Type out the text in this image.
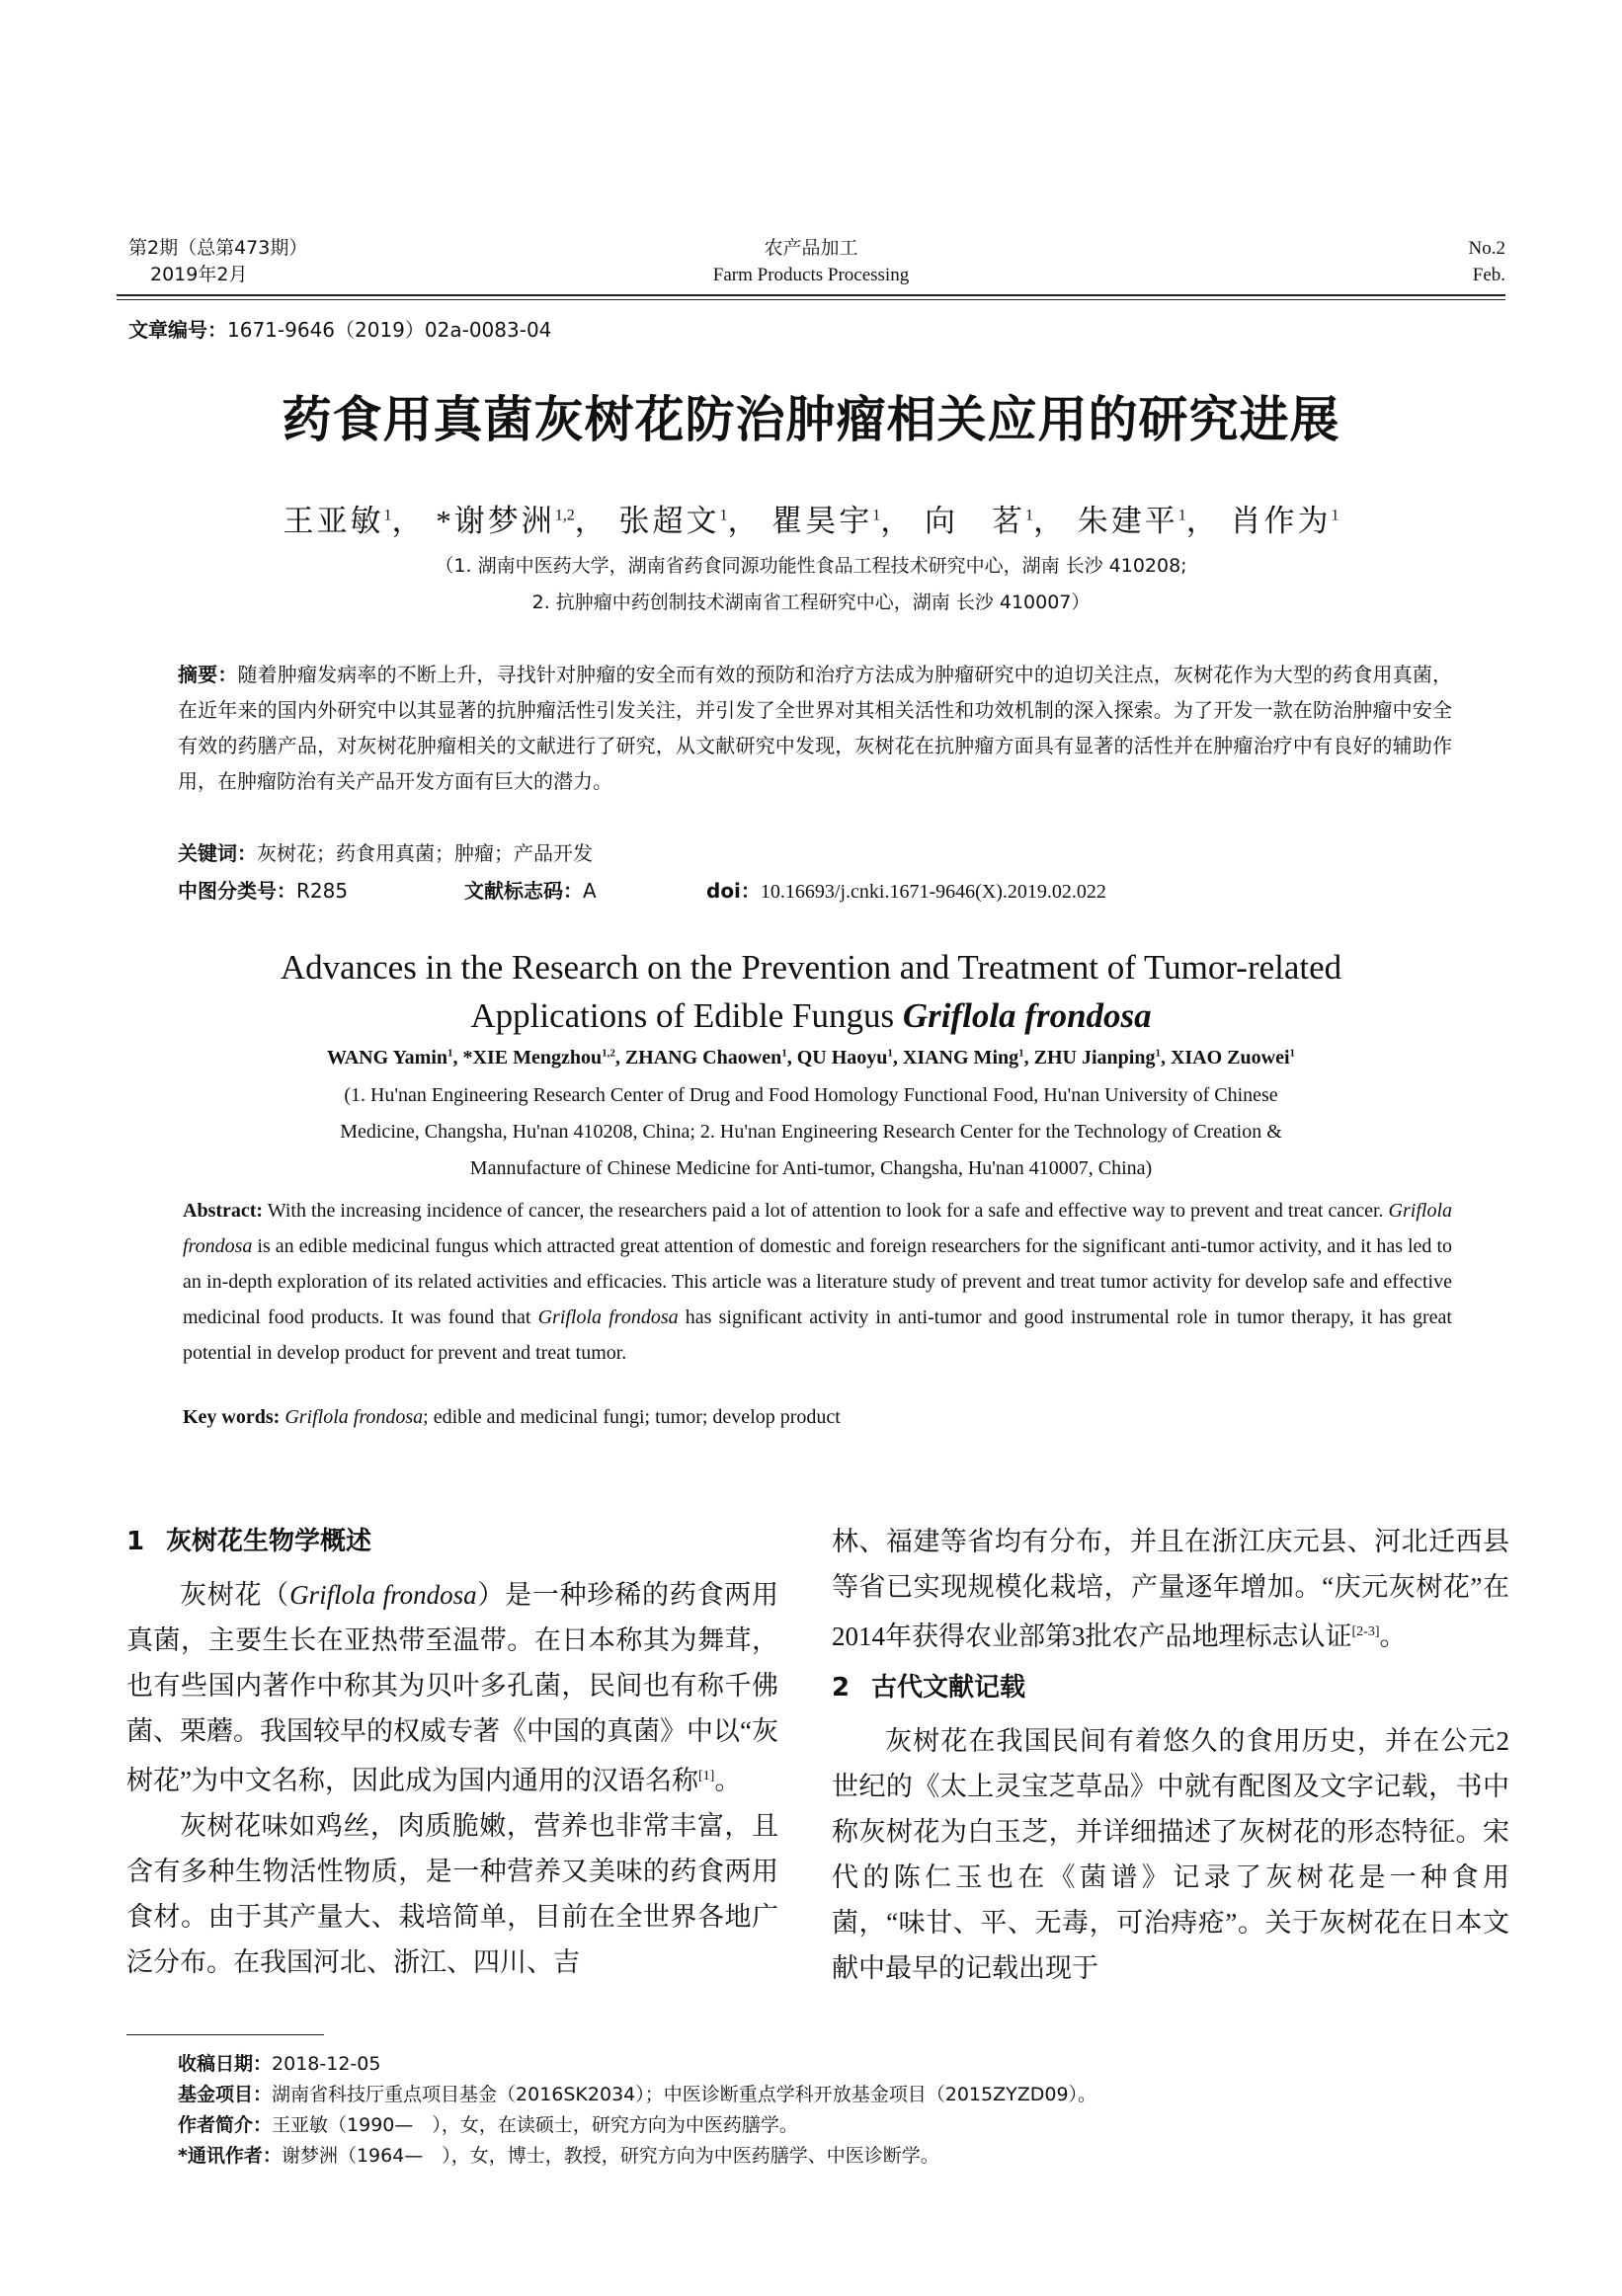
第2期（总第473期）
2019年2月
农产品加工
Farm Products Processing
No.2
Feb.
文章编号：1671-9646（2019）02a-0083-04
药食用真菌灰树花防治肿瘤相关应用的研究进展
王亚敏$^1$， *谢梦洲$^{1,2}$， 张超文$^1$， 瞿昊宇$^1$， 向　茗$^1$， 朱建平$^1$， 肖作为$^1$
（1. 湖南中医药大学，湖南省药食同源功能性食品工程技术研究中心，湖南 长沙 410208;
2. 抗肿瘤中药创制技术湖南省工程研究中心，湖南 长沙 410007）
摘要：随着肿瘤发病率的不断上升，寻找针对肿瘤的安全而有效的预防和治疗方法成为肿瘤研究中的迫切关注点，灰树花作为大型的药食用真菌，在近年来的国内外研究中以其显著的抗肿瘤活性引发关注，并引发了全世界对其相关活性和功效机制的深入探索。为了开发一款在防治肿瘤中安全有效的药膳产品，对灰树花肿瘤相关的文献进行了研究，从文献研究中发现，灰树花在抗肿瘤方面具有显著的活性并在肿瘤治疗中有良好的辅助作用，在肿瘤防治有关产品开发方面有巨大的潜力。
关键词：灰树花；药食用真菌；肿瘤；产品开发
中图分类号：R285	文献标志码：A	doi：10.16693/j.cnki.1671-9646(X).2019.02.022
Advances in the Research on the Prevention and Treatment of Tumor-related
Applications of Edible Fungus Griflola frondosa
WANG Yamin$^1$, *XIE Mengzhou$^{1,2}$, ZHANG Chaowen$^1$, QU Haoyu$^1$, XIANG Ming$^1$, ZHU Jianping$^1$, XIAO Zuowei$^1$
(1. Hu'nan Engineering Research Center of Drug and Food Homology Functional Food, Hu'nan University of Chinese
Medicine, Changsha, Hu'nan 410208, China; 2. Hu'nan Engineering Research Center for the Technology of Creation &
Mannufacture of Chinese Medicine for Anti-tumor, Changsha, Hu'nan 410007, China)
Abstract: With the increasing incidence of cancer, the researchers paid a lot of attention to look for a safe and effective way to prevent and treat cancer. Griflola frondosa is an edible medicinal fungus which attracted great attention of domestic and foreign researchers for the significant anti-tumor activity, and it has led to an in-depth exploration of its related activities and efficacies. This article was a literature study of prevent and treat tumor activity for develop safe and effective medicinal food products. It was found that Griflola frondosa has significant activity in anti-tumor and good instrumental role in tumor therapy, it has great potential in develop product for prevent and treat tumor.
Key words: Griflola frondosa; edible and medicinal fungi; tumor; develop product
1 灰树花生物学概述

灰树花（Griflola frondosa）是一种珍稀的药食两用真菌，主要生长在亚热带至温带。在日本称其为舞茸，也有些国内著作中称其为贝叶多孔菌，民间也有称千佛菌、栗蘑。我国较早的权威专著《中国的真菌》中以“灰树花”为中文名称，因此成为国内通用的汉语名称[1]。

灰树花味如鸡丝，肉质脆嫩，营养也非常丰富，且含有多种生物活性物质，是一种营养又美味的药食两用食材。由于其产量大、栽培简单，目前在全世界各地广泛分布。在我国河北、浙江、四川、吉

林、福建等省均有分布，并且在浙江庆元县、河北迁西县等省已实现规模化栽培，产量逐年增加。“庆元灰树花”在2014年获得农业部第3批农产品地理标志认证[2-3]。

2 古代文献记载

灰树花在我国民间有着悠久的食用历史，并在公元2世纪的《太上灵宝芝草品》中就有配图及文字记载，书中称灰树花为白玉芝，并详细描述了灰树花的形态特征。宋代的陈仁玉也在《菌谱》记录了灰树花是一种食用菌，“味甘、平、无毒，可治痔疮”。关于灰树花在日本文献中最早的记载出现于

收稿日期：2018-12-05
基金项目：湖南省科技厅重点项目基金（2016SK2034）；中医诊断重点学科开放基金项目（2015ZYZD09）。
作者简介：王亚敏（1990—　），女，在读硕士，研究方向为中医药膳学。
*通讯作者：谢梦洲（1964—　），女，博士，教授，研究方向为中医药膳学、中医诊断学。
